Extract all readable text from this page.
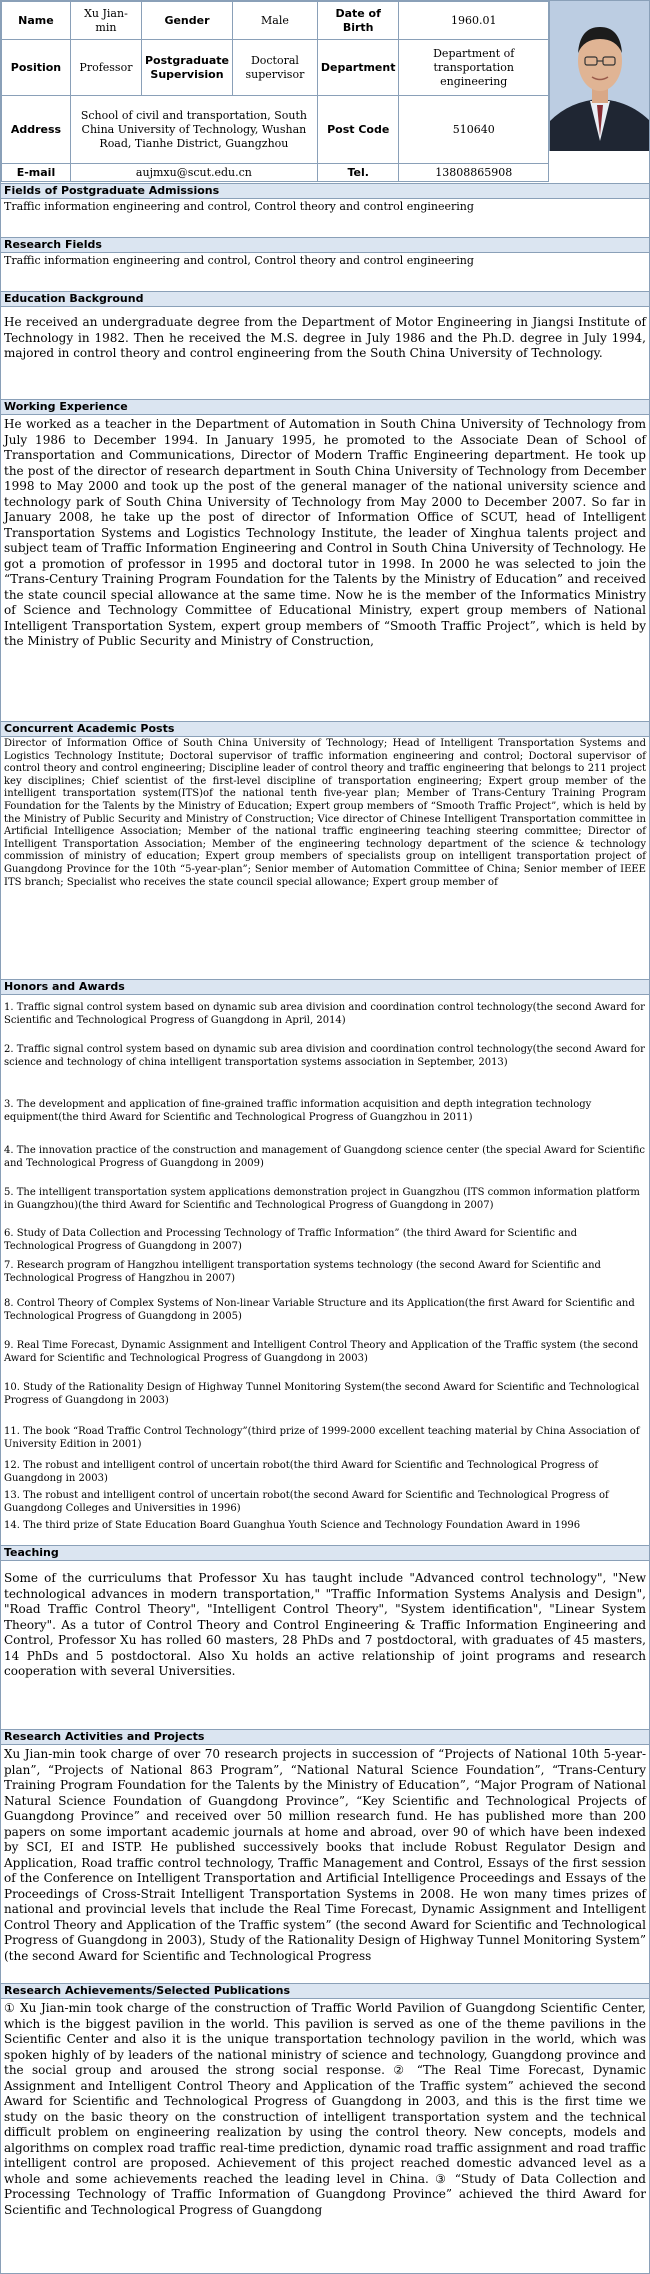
Name	Xu Jian-min	Gender	Male	Date of Birth	1960.01
Position	Professor	Postgraduate Supervision	Doctoral supervisor	Department	Department of transportation engineering
Address	School of civil and transportation, South China University of Technology, Wushan Road, Tianhe District, Guangzhou			Post Code	510640
E-mail	aujmxu@scut.edu.cn			Tel.	13808865908
Fields of Postgraduate Admissions
Traffic information engineering and control, Control theory and control engineering
Research Fields
Traffic information engineering and control, Control theory and control engineering
Education Background
He received an undergraduate degree from the Department of Motor Engineering in Jiangsi Institute of Technology in 1982. Then he received the M.S. degree in July 1986 and the Ph.D. degree in July 1994, majored in control theory and control engineering from the South China University of Technology.
Working Experience
He worked as a teacher in the Department of Automation in South China University of Technology from July 1986 to December 1994. In January 1995, he promoted to the Associate Dean of School of Transportation and Communications, Director of Modern Traffic Engineering department. He took up the post of the director of research department in South China University of Technology from December 1998 to May 2000 and took up the post of the general manager of the national university science and technology park of South China University of Technology from May 2000 to December 2007. So far in January 2008, he take up the post of director of Information Office of SCUT, head of Intelligent Transportation Systems and Logistics Technology Institute, the leader of Xinghua talents project and subject team of Traffic Information Engineering and Control in South China University of Technology. He got a promotion of professor in 1995 and doctoral tutor in 1998. In 2000 he was selected to join the “Trans-Century Training Program Foundation for the Talents by the Ministry of Education” and received the state council special allowance at the same time. Now he is the member of the Informatics Ministry of Science and Technology Committee of Educational Ministry, expert group members of National Intelligent Transportation System, expert group members of “Smooth Traffic Project”, which is held by the Ministry of Public Security and Ministry of Construction,
Concurrent Academic Posts
Director of Information Office of South China University of Technology; Head of Intelligent Transportation Systems and Logistics Technology Institute; Doctoral supervisor of traffic information engineering and control; Doctoral supervisor of control theory and control engineering; Discipline leader of control theory and traffic engineering that belongs to 211 project key disciplines; Chief scientist of the first-level discipline of transportation engineering; Expert group member of the intelligent transportation system(ITS)of the national tenth five-year plan; Member of Trans-Century Training Program Foundation for the Talents by the Ministry of Education; Expert group members of “Smooth Traffic Project”, which is held by the Ministry of Public Security and Ministry of Construction; Vice director of Chinese Intelligent Transportation committee in Artificial Intelligence Association; Member of the national traffic engineering teaching steering committee; Director of Intelligent Transportation Association; Member of the engineering technology department of the science & technology commission of ministry of education; Expert group members of specialists group on intelligent transportation project of Guangdong Province for the 10th “5-year-plan”; Senior member of Automation Committee of China; Senior member of IEEE ITS branch; Specialist who receives the state council special allowance; Expert group member of
Honors and Awards
1. Traffic signal control system based on dynamic sub area division and coordination control technology(the second Award for Scientific and Technological Progress of Guangdong in April, 2014)
2. Traffic signal control system based on dynamic sub area division and coordination control technology(the second Award for science and technology of china intelligent transportation systems association in September, 2013)
3. The development and application of fine-grained traffic information acquisition and depth integration technology equipment(the third Award for Scientific and Technological Progress of Guangzhou in 2011)
4. The innovation practice of the construction and management of Guangdong science center (the special Award for Scientific and Technological Progress of Guangdong in 2009)
5. The intelligent transportation system applications demonstration project in Guangzhou (ITS common information platform in Guangzhou)(the third Award for Scientific and Technological Progress of Guangdong in 2007)
6. Study of Data Collection and Processing Technology of Traffic Information” (the third Award for Scientific and Technological Progress of Guangdong in 2007)
7. Research program of Hangzhou intelligent transportation systems technology (the second Award for Scientific and Technological Progress of Hangzhou in 2007)
8. Control Theory of Complex Systems of Non-linear Variable Structure and its Application(the first Award for Scientific and Technological Progress of Guangdong in 2005)
9. Real Time Forecast, Dynamic Assignment and Intelligent Control Theory and Application of the Traffic system (the second Award for Scientific and Technological Progress of Guangdong in 2003)
10. Study of the Rationality Design of Highway Tunnel Monitoring System(the second Award for Scientific and Technological Progress of Guangdong in 2003)
11. The book “Road Traffic Control Technology”(third prize of 1999-2000 excellent teaching material by China Association of University Edition in 2001)
12. The robust and intelligent control of uncertain robot(the third Award for Scientific and Technological Progress of Guangdong in 2003)
13. The robust and intelligent control of uncertain robot(the second Award for Scientific and Technological Progress of Guangdong Colleges and Universities in 1996)
14. The third prize of State Education Board Guanghua Youth Science and Technology Foundation Award in 1996
Teaching
Some of the curriculums that Professor Xu has taught include "Advanced control technology", "New technological advances in modern transportation," "Traffic Information Systems Analysis and Design", "Road Traffic Control Theory", "Intelligent Control Theory", "System identification", "Linear System Theory". As a tutor of Control Theory and Control Engineering & Traffic Information Engineering and Control, Professor Xu has rolled 60 masters, 28 PhDs and 7 postdoctoral, with graduates of 45 masters, 14 PhDs and 5 postdoctoral. Also Xu holds an active relationship of joint programs and research cooperation with several Universities.
Research Activities and Projects
Xu Jian-min took charge of over 70 research projects in succession of “Projects of National 10th 5-year-plan”, “Projects of National 863 Program”, “National Natural Science Foundation”, “Trans-Century Training Program Foundation for the Talents by the Ministry of Education”, “Major Program of National Natural Science Foundation of Guangdong Province”, “Key Scientific and Technological Projects of Guangdong Province” and received over 50 million research fund. He has published more than 200 papers on some important academic journals at home and abroad, over 90 of which have been indexed by SCI, EI and ISTP. He published successively books that include Robust Regulator Design and Application, Road traffic control technology, Traffic Management and Control, Essays of the first session of the Conference on Intelligent Transportation and Artificial Intelligence Proceedings and Essays of the Proceedings of Cross-Strait Intelligent Transportation Systems in 2008. He won many times prizes of national and provincial levels that include the Real Time Forecast, Dynamic Assignment and Intelligent Control Theory and Application of the Traffic system” (the second Award for Scientific and Technological Progress of Guangdong in 2003), Study of the Rationality Design of Highway Tunnel Monitoring System” (the second Award for Scientific and Technological Progress
Research Achievements/Selected Publications
① Xu Jian-min took charge of the construction of Traffic World Pavilion of Guangdong Scientific Center, which is the biggest pavilion in the world. This pavilion is served as one of the theme pavilions in the Scientific Center and also it is the unique transportation technology pavilion in the world, which was spoken highly of by leaders of the national ministry of science and technology, Guangdong province and the social group and aroused the strong social response. ② “The Real Time Forecast, Dynamic Assignment and Intelligent Control Theory and Application of the Traffic system” achieved the second Award for Scientific and Technological Progress of Guangdong in 2003, and this is the first time we study on the basic theory on the construction of intelligent transportation system and the technical difficult problem on engineering realization by using the control theory. New concepts, models and algorithms on complex road traffic real-time prediction, dynamic road traffic assignment and road traffic intelligent control are proposed. Achievement of this project reached domestic advanced level as a whole and some achievements reached the leading level in China. ③ “Study of Data Collection and Processing Technology of Traffic Information of Guangdong Province” achieved the third Award for Scientific and Technological Progress of Guangdong
